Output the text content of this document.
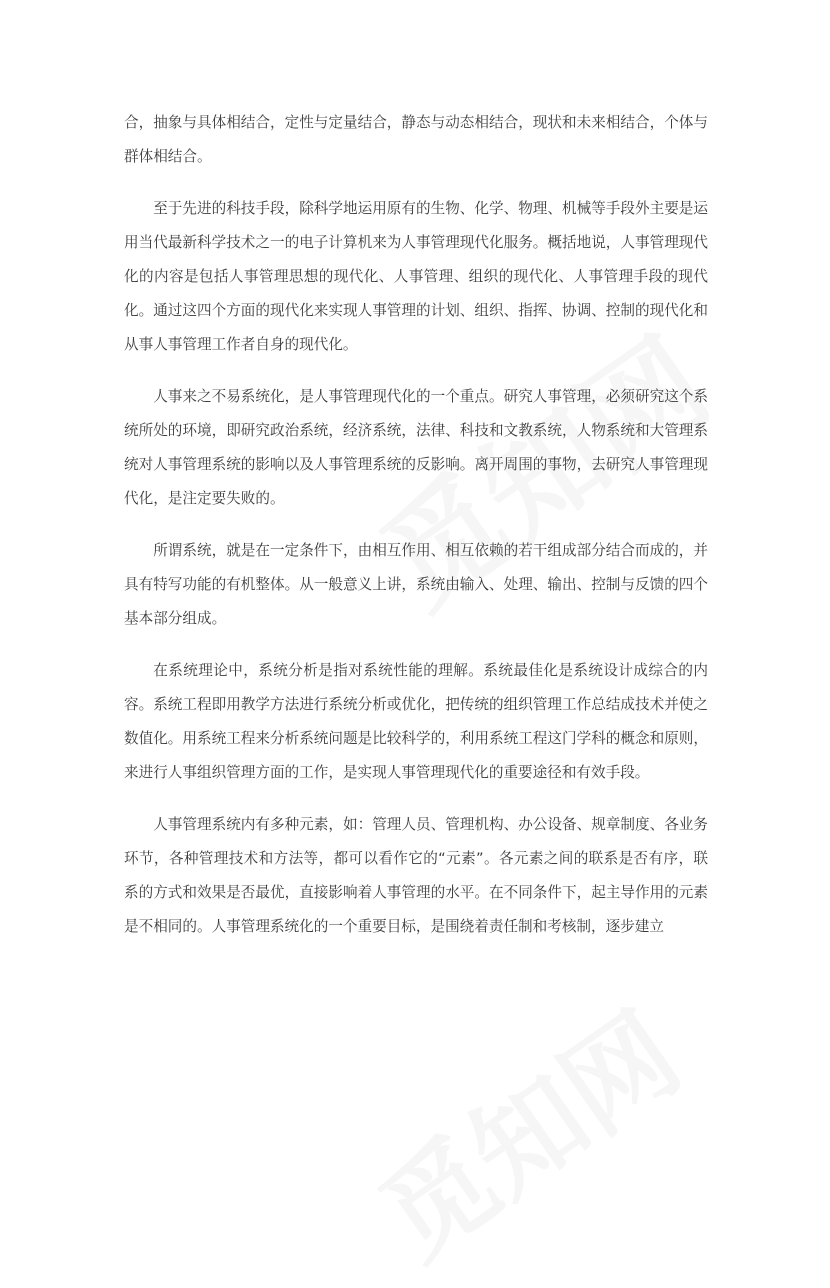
合，抽象与具体相结合，定性与定量结合，静态与动态相结合，现状和未来相结合，个体与群体相结合。

至于先进的科技手段，除科学地运用原有的生物、化学、物理、机械等手段外主要是运用当代最新科学技术之一的电子计算机来为人事管理现代化服务。概括地说，人事管理现代化的内容是包括人事管理思想的现代化、人事管理、组织的现代化、人事管理手段的现代化。通过这四个方面的现代化来实现人事管理的计划、组织、指挥、协调、控制的现代化和从事人事管理工作者自身的现代化。

人事来之不易系统化，是人事管理现代化的一个重点。研究人事管理，必须研究这个系统所处的环境，即研究政治系统，经济系统，法律、科技和文教系统，人物系统和大管理系统对人事管理系统的影响以及人事管理系统的反影响。离开周围的事物，去研究人事管理现代化，是注定要失败的。

所谓系统，就是在一定条件下，由相互作用、相互依赖的若干组成部分结合而成的，并具有特写功能的有机整体。从一般意义上讲，系统由输入、处理、输出、控制与反馈的四个基本部分组成。

在系统理论中，系统分析是指对系统性能的理解。系统最佳化是系统设计成综合的内容。系统工程即用教学方法进行系统分析或优化，把传统的组织管理工作总结成技术并使之数值化。用系统工程来分析系统问题是比较科学的，利用系统工程这门学科的概念和原则，来进行人事组织管理方面的工作，是实现人事管理现代化的重要途径和有效手段。

人事管理系统内有多种元素，如：管理人员、管理机构、办公设备、规章制度、各业务环节，各种管理技术和方法等，都可以看作它的“元素”。各元素之间的联系是否有序，联系的方式和效果是否最优，直接影响着人事管理的水平。在不同条件下，起主导作用的元素是不相同的。人事管理系统化的一个重要目标，是围绕着责任制和考核制，逐步建立
